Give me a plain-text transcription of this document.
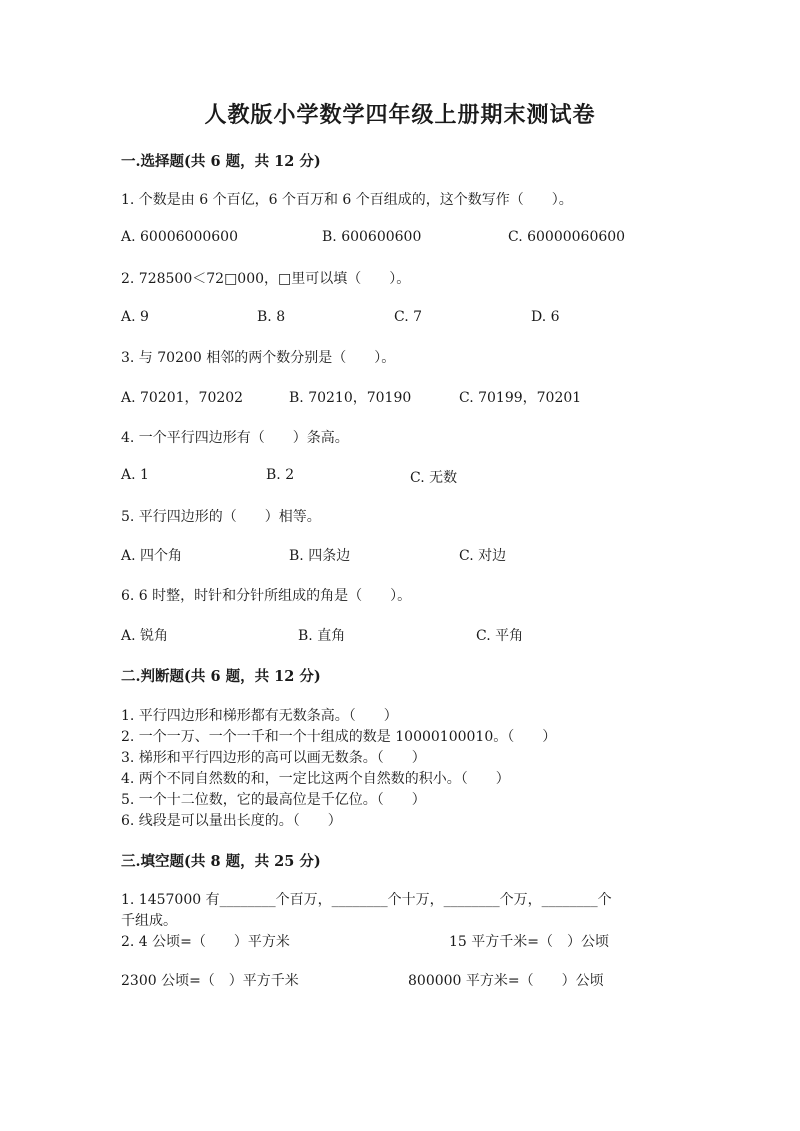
人教版小学数学四年级上册期末测试卷
一.选择题(共 6 题，共 12 分)
1. 个数是由 6 个百亿，6 个百万和 6 个百组成的，这个数写作（　　）。
A. 60006000600	B. 600600600	C. 60000060600
2. 728500＜72□000，□里可以填（　　）。
A. 9	B. 8	C. 7	D. 6
3. 与 70200 相邻的两个数分别是（　　）。
A. 70201，70202	B. 70210，70190	C. 70199，70201
4. 一个平行四边形有（　　）条高。
A. 1	B. 2	C. 无数
5. 平行四边形的（　　）相等。
A. 四个角	B. 四条边	C. 对边
6. 6 时整，时针和分针所组成的角是（　　）。
A. 锐角	B. 直角	C. 平角
二.判断题(共 6 题，共 12 分)
1. 平行四边形和梯形都有无数条高。（　　）
2. 一个一万、一个一千和一个十组成的数是 10000100010。（　　）
3. 梯形和平行四边形的高可以画无数条。（　　）
4. 两个不同自然数的和，一定比这两个自然数的积小。（　　）
5. 一个十二位数，它的最高位是千亿位。（　　）
6. 线段是可以量出长度的。（　　）
三.填空题(共 8 题，共 25 分)
1. 1457000 有________个百万，________个十万，________个万，________个
千组成。
2. 4 公顷=（　　）平方米	15 平方千米=（　）公顷
2300 公顷=（　）平方千米	800000 平方米=（　　）公顷
